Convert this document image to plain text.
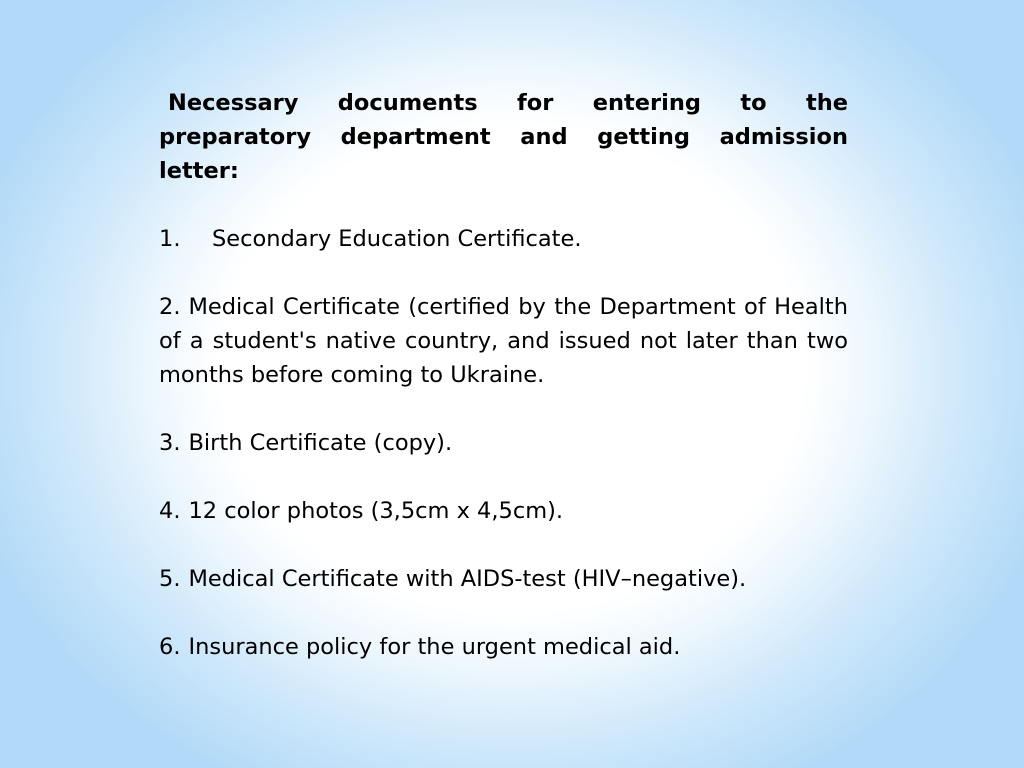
Necessary documents for entering to the preparatory department and getting admission letter:

1.	Secondary Education Certificate.

2. Medical Certificate (certified by the Department of Health of a student's native country, and issued not later than two months before coming to Ukraine.

3. Birth Certificate (copy).

4. 12 color photos (3,5cm x 4,5cm).

5. Medical Certificate with AIDS-test (HIV–negative).

6. Insurance policy for the urgent medical aid.
